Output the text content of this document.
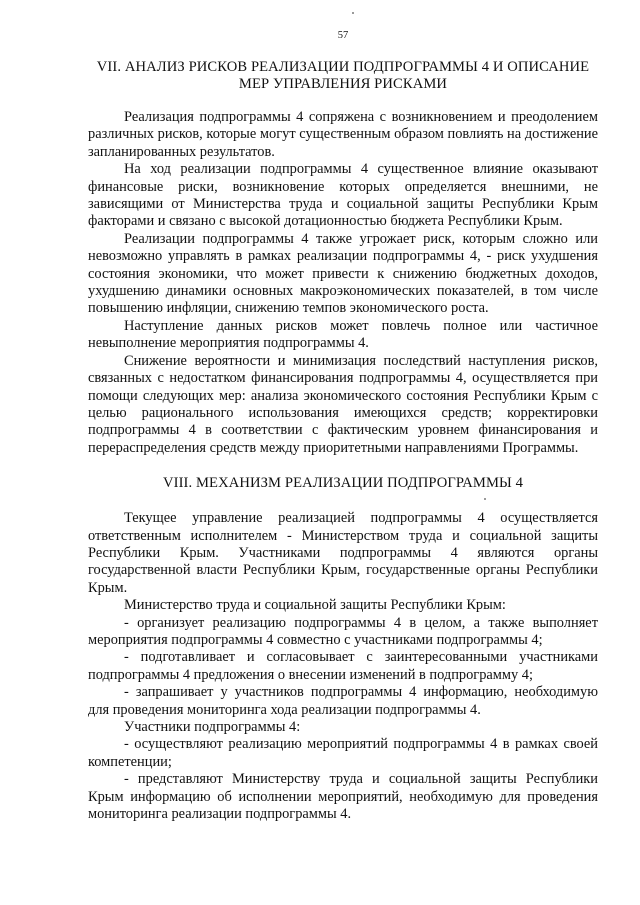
57
VII. АНАЛИЗ РИСКОВ РЕАЛИЗАЦИИ ПОДПРОГРАММЫ 4 И ОПИСАНИЕ МЕР УПРАВЛЕНИЯ РИСКАМИ

Реализация подпрограммы 4 сопряжена с возникновением и преодолением различных рисков, которые могут существенным образом повлиять на достижение запланированных результатов.

На ход реализации подпрограммы 4 существенное влияние оказывают финансовые риски, возникновение которых определяется внешними, не зависящими от Министерства труда и социальной защиты Республики Крым факторами и связано с высокой дотационностью бюджета Республики Крым.

Реализации подпрограммы 4 также угрожает риск, которым сложно или невозможно управлять в рамках реализации подпрограммы 4, - риск ухудшения состояния экономики, что может привести к снижению бюджетных доходов, ухудшению динамики основных макроэкономических показателей, в том числе повышению инфляции, снижению темпов экономического роста.

Наступление данных рисков может повлечь полное или частичное невыполнение мероприятия подпрограммы 4.

Снижение вероятности и минимизация последствий наступления рисков, связанных с недостатком финансирования подпрограммы 4, осуществляется при помощи следующих мер: анализа экономического состояния Республики Крым с целью рационального использования имеющихся средств; корректировки подпрограммы 4 в соответствии с фактическим уровнем финансирования и перераспределения средств между приоритетными направлениями Программы.

VIII. МЕХАНИЗМ РЕАЛИЗАЦИИ ПОДПРОГРАММЫ 4

Текущее управление реализацией подпрограммы 4 осуществляется ответственным исполнителем - Министерством труда и социальной защиты Республики Крым. Участниками подпрограммы 4 являются органы государственной власти Республики Крым, государственные органы Республики Крым.

Министерство труда и социальной защиты Республики Крым:

- организует реализацию подпрограммы 4 в целом, а также выполняет мероприятия подпрограммы 4 совместно с участниками подпрограммы 4;

- подготавливает и согласовывает с заинтересованными участниками подпрограммы 4 предложения о внесении изменений в подпрограмму 4;

- запрашивает у участников подпрограммы 4 информацию, необходимую для проведения мониторинга хода реализации подпрограммы 4.

Участники подпрограммы 4:

- осуществляют реализацию мероприятий подпрограммы 4 в рамках своей компетенции;

- представляют Министерству труда и социальной защиты Республики Крым информацию об исполнении мероприятий, необходимую для проведения мониторинга реализации подпрограммы 4.
